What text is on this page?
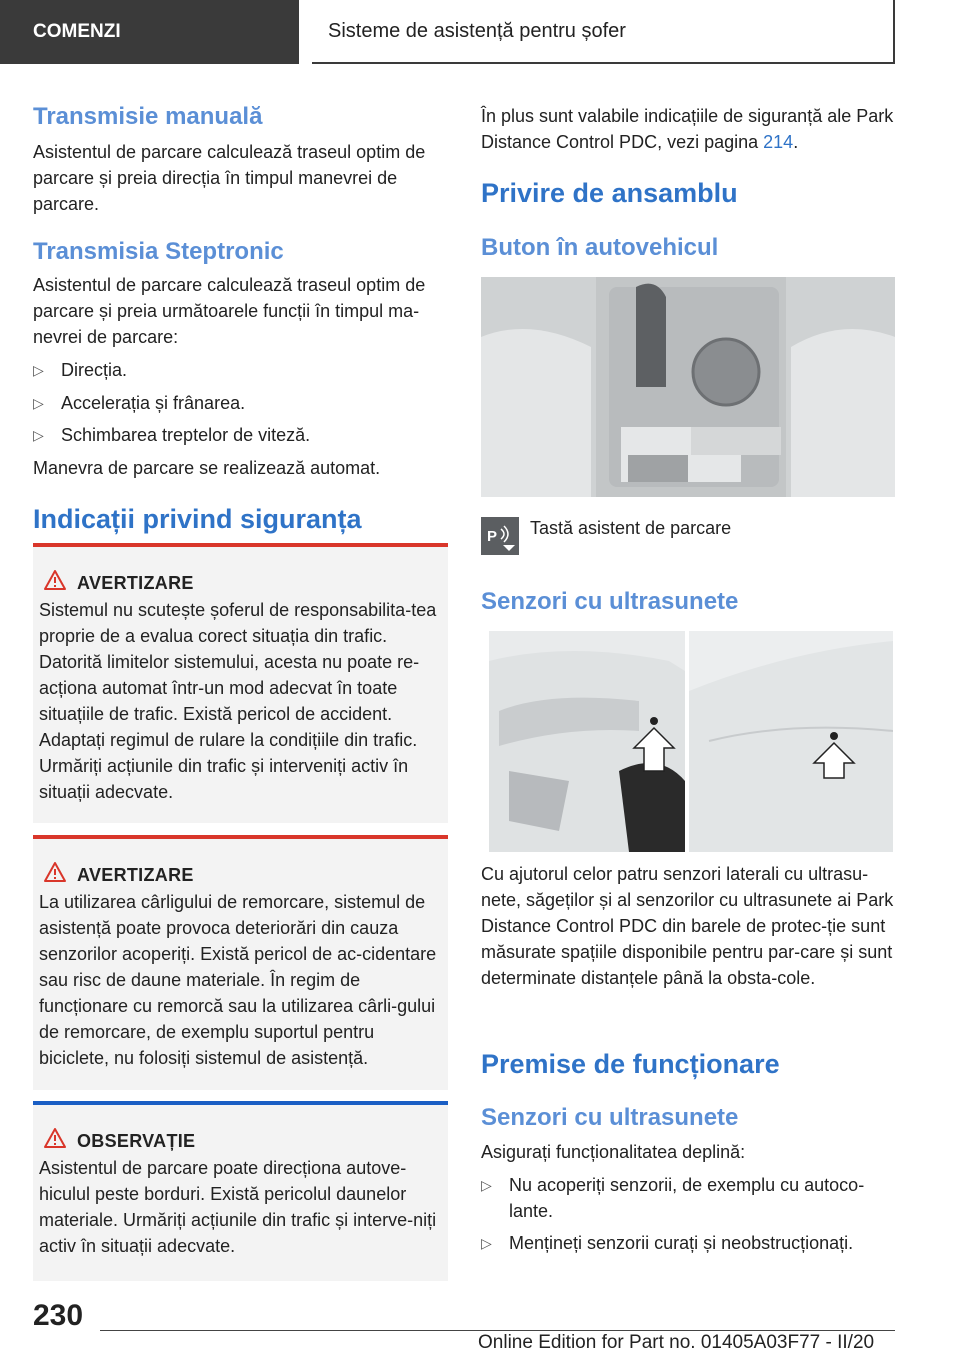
COMENZI	Sisteme de asistență pentru șofer
Transmisie manuală
Asistentul de parcare calculează traseul optim de parcare și preia direcția în timpul manevrei de parcare.
Transmisia Steptronic
Asistentul de parcare calculează traseul optim de parcare și preia următoarele funcții în timpul ma-nevrei de parcare:
▷ Direcția.
▷ Accelerația și frânarea.
▷ Schimbarea treptelor de viteză.
Manevra de parcare se realizează automat.
Indicații privind siguranța
AVERTIZARE
Sistemul nu scutește șoferul de responsabilita-tea proprie de a evalua corect situația din trafic. Datorită limitelor sistemului, acesta nu poate re-acționa automat într-un mod adecvat în toate situațiile de trafic. Există pericol de accident. Adaptați regimul de rulare la condițiile din trafic. Urmăriți acțiunile din trafic și interveniți activ în situații adecvate.
AVERTIZARE
La utilizarea cârligului de remorcare, sistemul de asistență poate provoca deteriorări din cauza senzorilor acoperiți. Există pericol de ac-cidentare sau risc de daune materiale. În regim de funcționare cu remorcă sau la utilizarea cârli-gului de remorcare, de exemplu suportul pentru biciclete, nu folosiți sistemul de asistență.
OBSERVAȚIE
Asistentul de parcare poate direcționa autove-hiculul peste borduri. Există pericolul daunelor materiale. Urmăriți acțiunile din trafic și interve-niți activ în situații adecvate.
În plus sunt valabile indicațiile de siguranță ale Park Distance Control PDC, vezi pagina 214.
Privire de ansamblu
Buton în autovehicul
P Tastă asistent de parcare
Senzori cu ultrasunete
Cu ajutorul celor patru senzori laterali cu ultrasu-nete, săgeților și al senzorilor cu ultrasunete ai Park Distance Control PDC din barele de protec-ție sunt măsurate spațiile disponibile pentru par-care și sunt determinate distanțele până la obsta-cole.
Premise de funcționare
Senzori cu ultrasunete
Asigurați funcționalitatea deplină:
▷ Nu acoperiți senzorii, de exemplu cu autoco-lante.
▷ Mențineți senzorii curați și neobstrucționați.
230
Online Edition for Part no. 01405A03F77 - II/20
